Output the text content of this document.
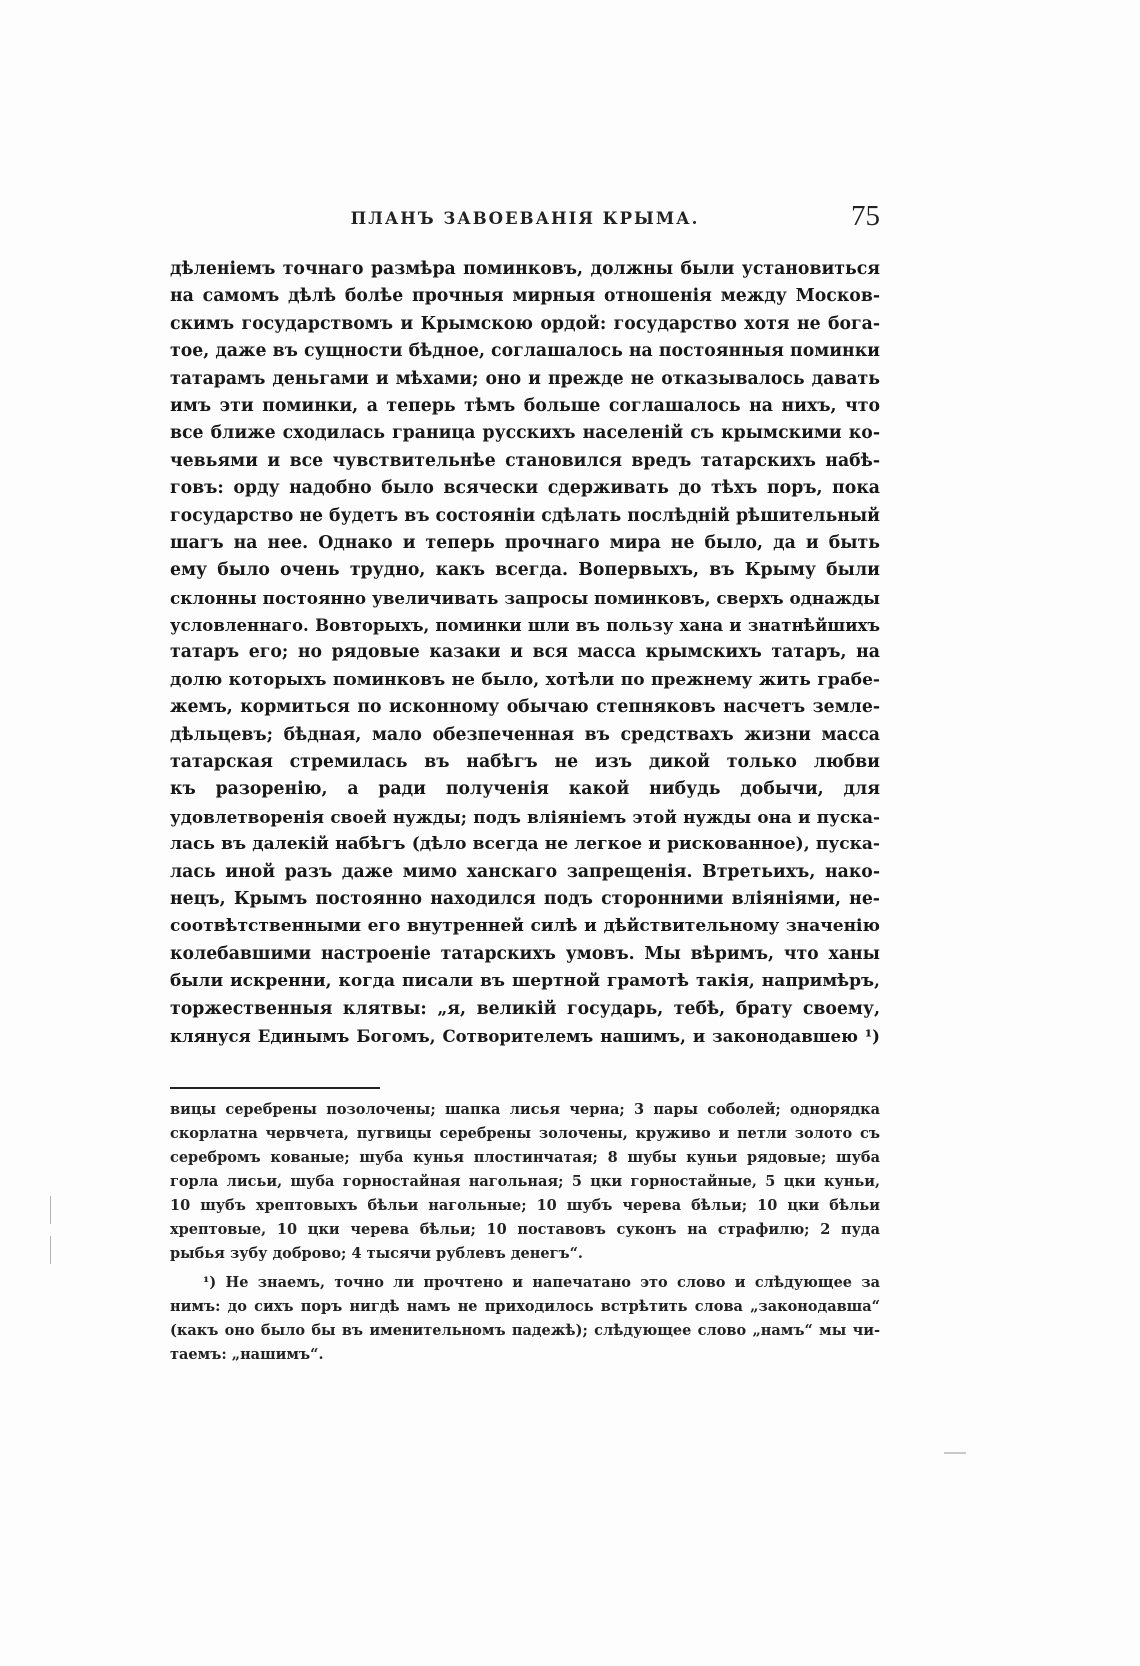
ПЛАНЪ ЗАВОЕВАНІЯ КРЫМА.	75
дѣленіемъ точнаго размѣра поминковъ, должны были установиться
на самомъ дѣлѣ болѣе прочныя мирныя отношенія между Москов-
скимъ государствомъ и Крымскою ордой: государство хотя не бога-
тое, даже въ сущности бѣдное, соглашалось на постоянныя поминки
татарамъ деньгами и мѣхами; оно и прежде не отказывалось давать
имъ эти поминки, а теперь тѣмъ больше соглашалось на нихъ, что
все ближе сходилась граница русскихъ населеній съ крымскими ко-
чевьями и все чувствительнѣе становился вредъ татарскихъ набѣ-
говъ: орду надобно было всячески сдерживать до тѣхъ поръ, пока
государство не будетъ въ состояніи сдѣлать послѣдній рѣшительный
шагъ на нее. Однако и теперь прочнаго мира не было, да и быть
ему было очень трудно, какъ всегда. Вопервыхъ, въ Крыму были
склонны постоянно увеличивать запросы поминковъ, сверхъ однажды
условленнаго. Вовторыхъ, поминки шли въ пользу хана и знатнѣйшихъ
татаръ его; но рядовые казаки и вся масса крымскихъ татаръ, на
долю которыхъ поминковъ не было, хотѣли по прежнему жить грабе-
жемъ, кормиться по исконному обычаю степняковъ насчетъ земле-
дѣльцевъ; бѣдная, мало обезпеченная въ средствахъ жизни масса
татарская стремилась въ набѣгъ не изъ дикой только любви
къ разоренію, а ради полученія какой нибудь добычи, для
удовлетворенія своей нужды; подъ вліяніемъ этой нужды она и пуска-
лась въ далекій набѣгъ (дѣло всегда не легкое и рискованное), пуска-
лась иной разъ даже мимо ханскаго запрещенія. Втретьихъ, нако-
нецъ, Крымъ постоянно находился подъ сторонними вліяніями, не-
соотвѣтственными его внутренней силѣ и дѣйствительному значенію
колебавшими настроеніе татарскихъ умовъ. Мы вѣримъ, что ханы
были искренни, когда писали въ шертной грамотѣ такія, напримѣръ,
торжественныя клятвы: „я, великій государь, тебѣ, брату своему,
клянуся Единымъ Богомъ, Сотворителемъ нашимъ, и законодавшею ¹)
вицы серебрены позолочены; шапка лисья черна; 3 пары соболей; однорядка
скорлатна червчета, пугвицы серебрены золочены, круживо и петли золото съ
серебромъ кованые; шуба кунья плостинчатая; 8 шубы куньи рядовые; шуба
горла лисьи, шуба горностайная нагольная; 5 цки горностайные, 5 цки куньи,
10 шубъ хрептовыхъ бѣльи нагольные; 10 шубъ черева бѣльи; 10 цки бѣльи
хрептовые, 10 цки черева бѣльи; 10 поставовъ суконъ на страфилю; 2 пуда
рыбья зубу доброво; 4 тысячи рублевъ денегъ“.
¹) Не знаемъ, точно ли прочтено и напечатано это слово и слѣдующее за
нимъ: до сихъ поръ нигдѣ намъ не приходилось встрѣтить слова „законодавша“
(какъ оно было бы въ именительномъ падежѣ); слѣдующее слово „намъ“ мы чи-
таемъ: „нашимъ“.
